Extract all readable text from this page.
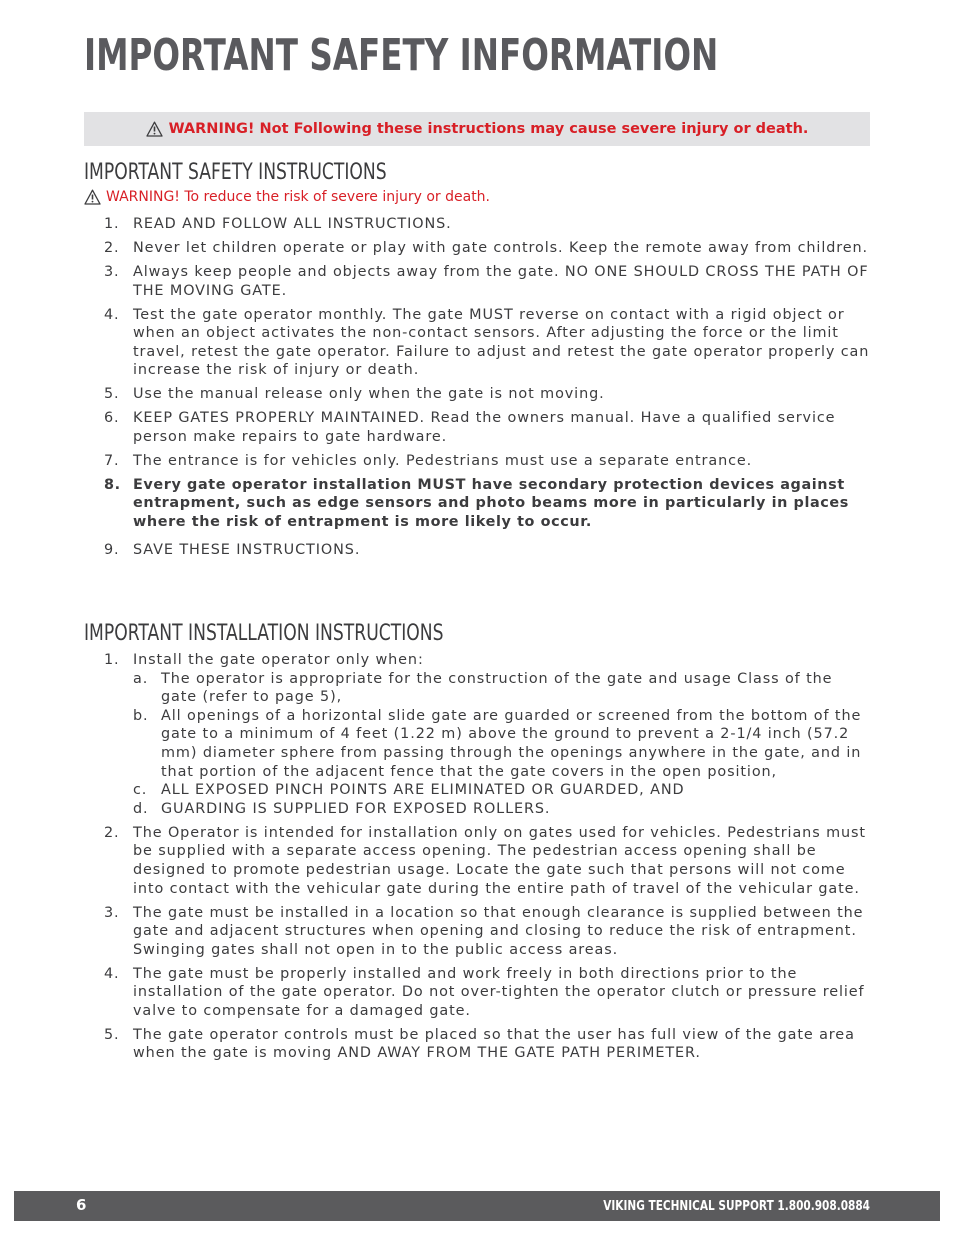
IMPORTANT SAFETY INFORMATION
WARNING! Not Following these instructions may cause severe injury or death.
IMPORTANT SAFETY INSTRUCTIONS
WARNING! To reduce the risk of severe injury or death.
1. READ AND FOLLOW ALL INSTRUCTIONS.
2. Never let children operate or play with gate controls. Keep the remote away from children.
3. Always keep people and objects away from the gate. NO ONE SHOULD CROSS THE PATH OF THE MOVING GATE.
4. Test the gate operator monthly. The gate MUST reverse on contact with a rigid object or when an object activates the non-contact sensors. After adjusting the force or the limit travel, retest the gate operator. Failure to adjust and retest the gate operator properly can increase the risk of injury or death.
5. Use the manual release only when the gate is not moving.
6. KEEP GATES PROPERLY MAINTAINED. Read the owners manual. Have a qualified service person make repairs to gate hardware.
7. The entrance is for vehicles only. Pedestrians must use a separate entrance.
8. Every gate operator installation MUST have secondary protection devices against entrapment, such as edge sensors and photo beams more in particularly in places where the risk of entrapment is more likely to occur.
9. SAVE THESE INSTRUCTIONS.
IMPORTANT INSTALLATION INSTRUCTIONS
1. Install the gate operator only when:
a. The operator is appropriate for the construction of the gate and usage Class of the gate (refer to page 5),
b. All openings of a horizontal slide gate are guarded or screened from the bottom of the gate to a minimum of 4 feet (1.22 m) above the ground to prevent a 2-1/4 inch (57.2 mm) diameter sphere from passing through the openings anywhere in the gate, and in that portion of the adjacent fence that the gate covers in the open position,
c. ALL EXPOSED PINCH POINTS ARE ELIMINATED OR GUARDED, AND
d. GUARDING IS SUPPLIED FOR EXPOSED ROLLERS.
2. The Operator is intended for installation only on gates used for vehicles. Pedestrians must be supplied with a separate access opening. The pedestrian access opening shall be designed to promote pedestrian usage. Locate the gate such that persons will not come into contact with the vehicular gate during the entire path of travel of the vehicular gate.
3. The gate must be installed in a location so that enough clearance is supplied between the gate and adjacent structures when opening and closing to reduce the risk of entrapment. Swinging gates shall not open in to the public access areas.
4. The gate must be properly installed and work freely in both directions prior to the installation of the gate operator. Do not over-tighten the operator clutch or pressure relief valve to compensate for a damaged gate.
5. The gate operator controls must be placed so that the user has full view of the gate area when the gate is moving AND AWAY FROM THE GATE PATH PERIMETER.
6	VIKING TECHNICAL SUPPORT 1.800.908.0884
